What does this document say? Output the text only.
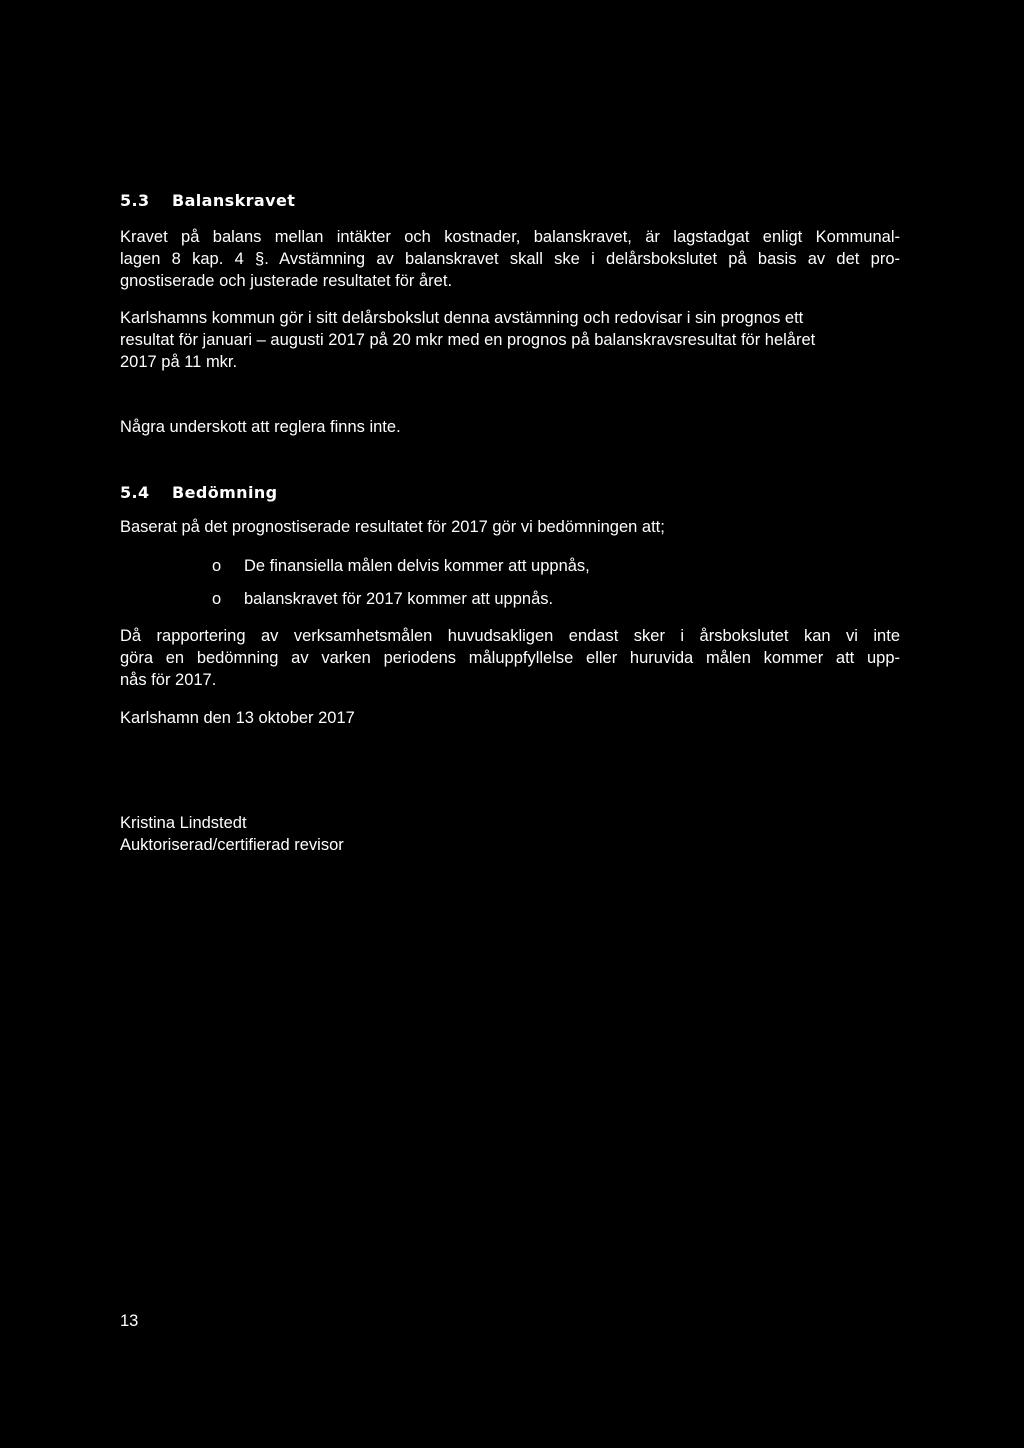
5.3 Balanskravet

Kravet på balans mellan intäkter och kostnader, balanskravet, är lagstadgat enligt Kommunal-
lagen 8 kap. 4 §. Avstämning av balanskravet skall ske i delårsbokslutet på basis av det pro-
gnostiserade och justerade resultatet för året.

Karlshamns kommun gör i sitt delårsbokslut denna avstämning och redovisar i sin prognos ett
resultat för januari – augusti 2017 på 20 mkr med en prognos på balanskravsresultat för helåret
2017 på 11 mkr.

Några underskott att reglera finns inte.

5.4 Bedömning

Baserat på det prognostiserade resultatet för 2017 gör vi bedömningen att;

o De finansiella målen delvis kommer att uppnås,
o balanskravet för 2017 kommer att uppnås.

Då rapportering av verksamhetsmålen huvudsakligen endast sker i årsbokslutet kan vi inte
göra en bedömning av varken periodens måluppfyllelse eller huruvida målen kommer att upp-
nås för 2017.

Karlshamn den 13 oktober 2017

Kristina Lindstedt
Auktoriserad/certifierad revisor

13
